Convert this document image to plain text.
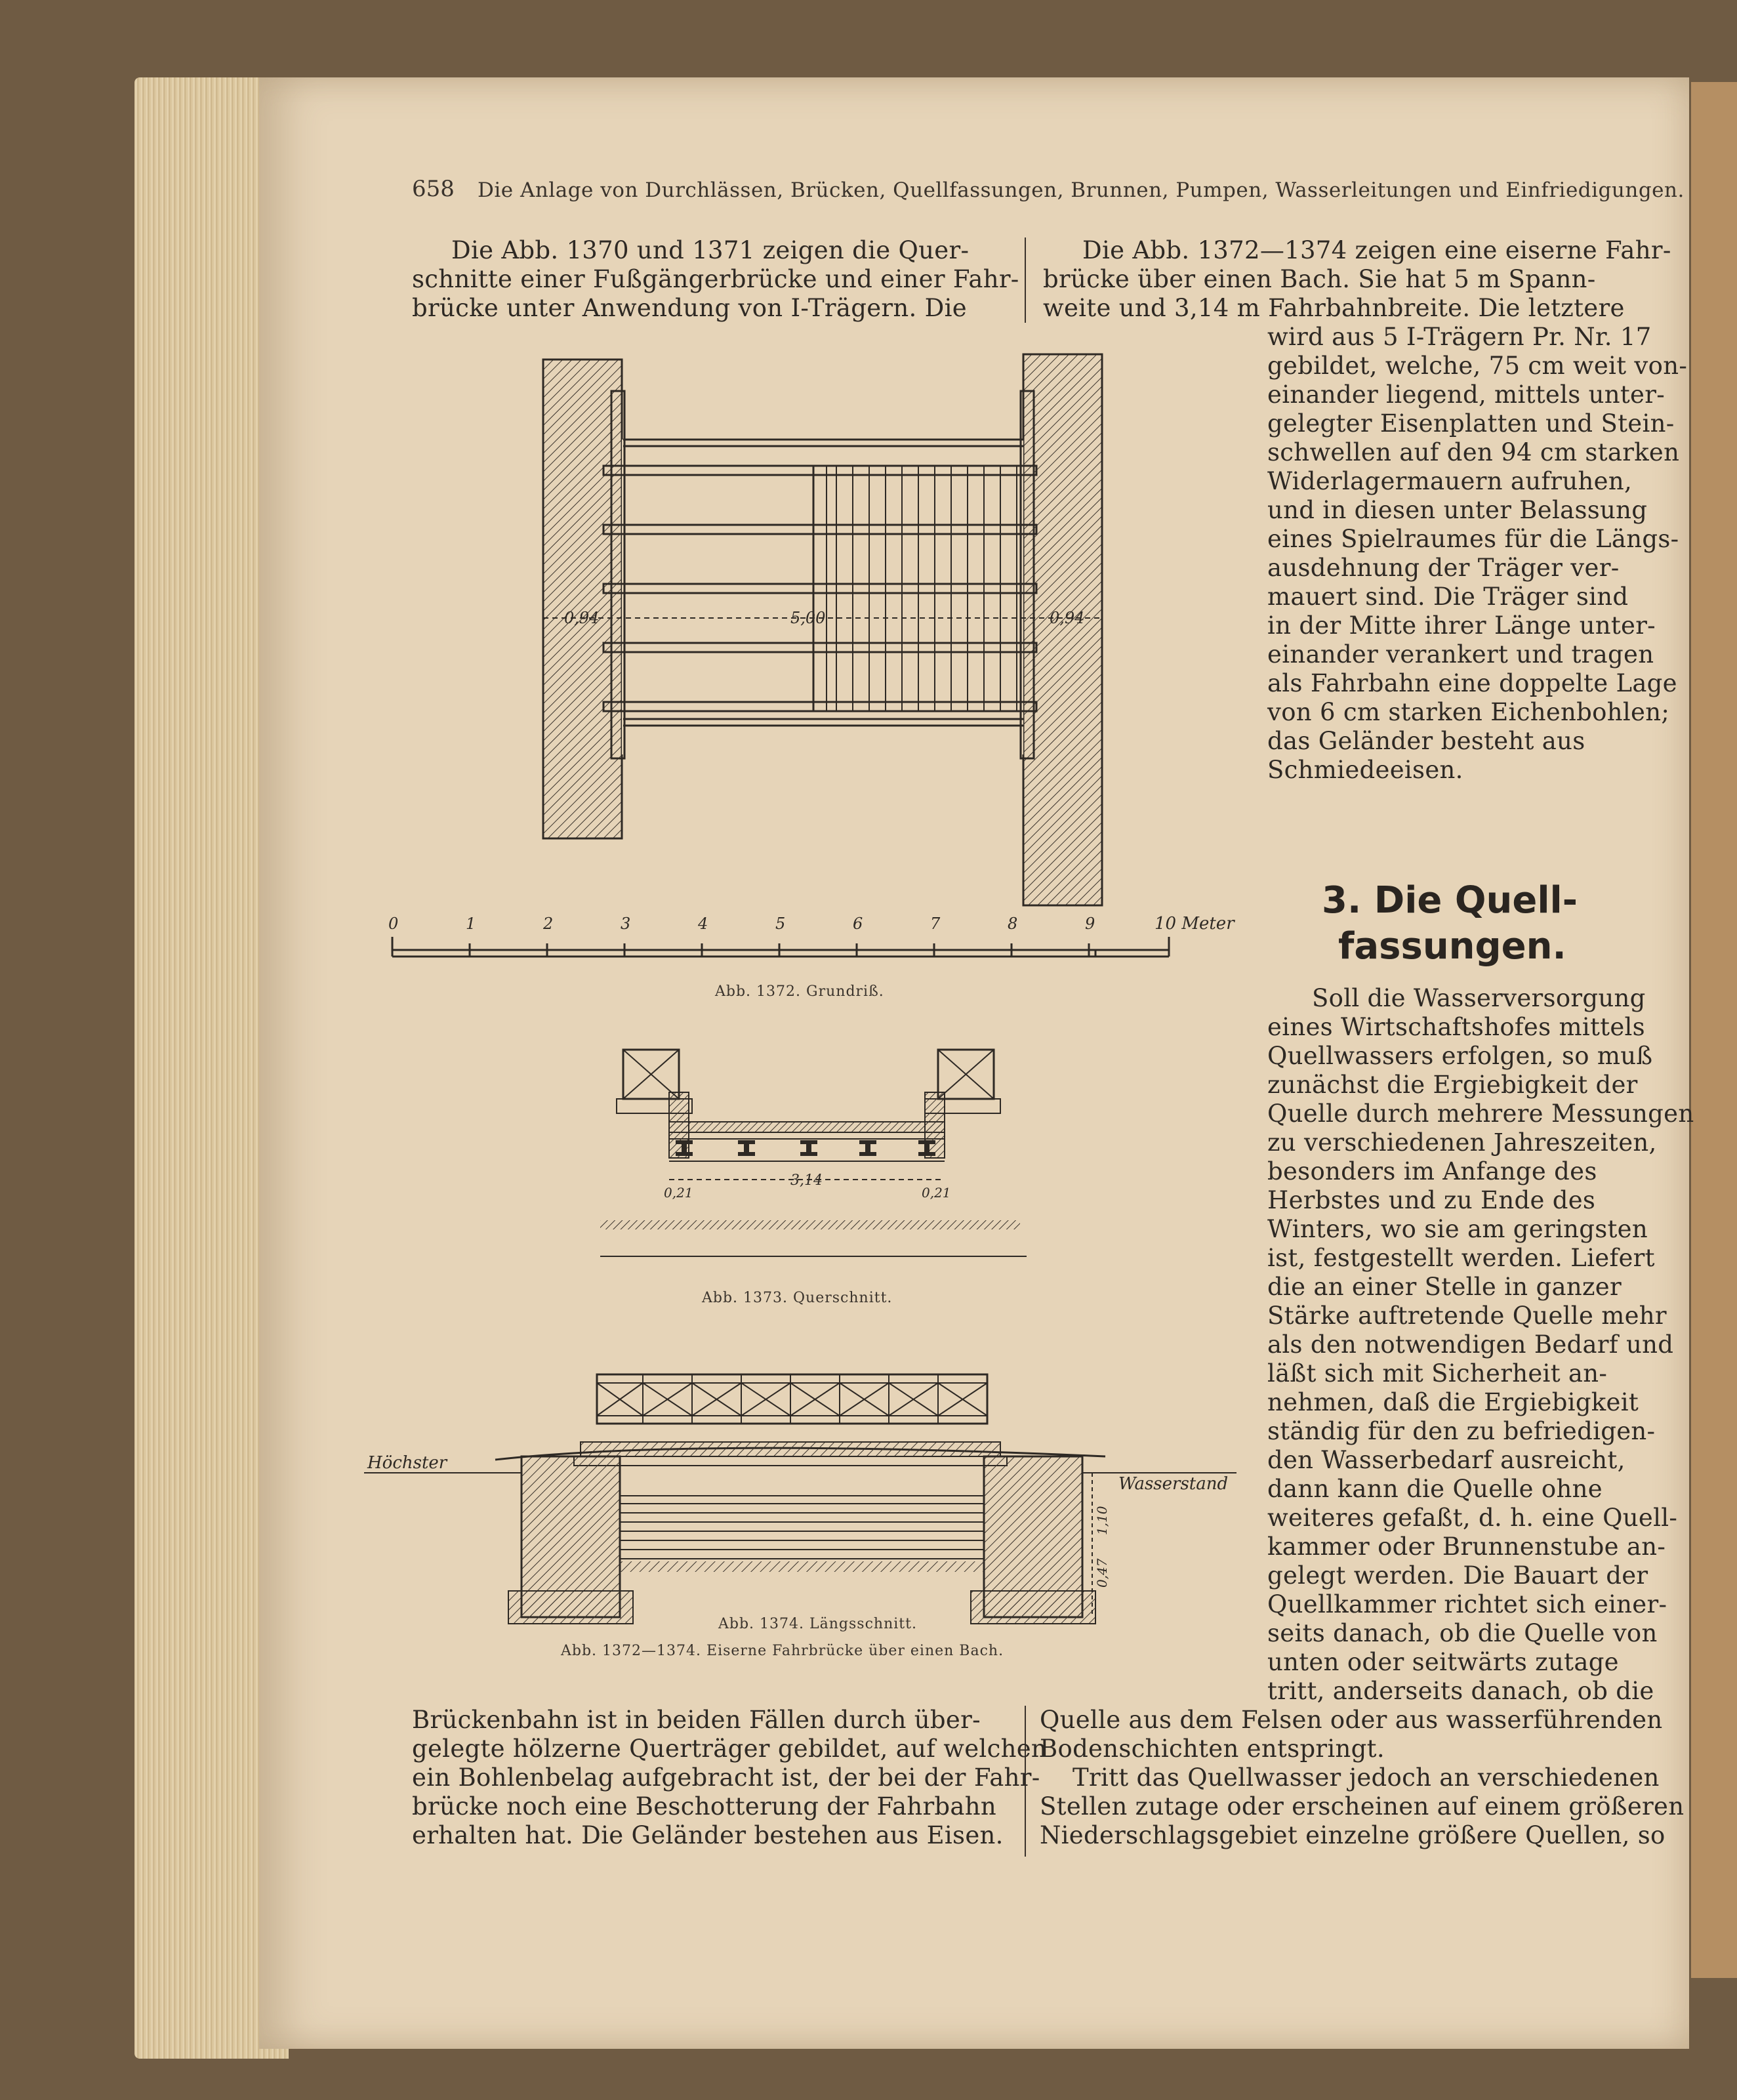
658 Die Anlage von Durchlässen, Brücken, Quellfassungen, Brunnen, Pumpen, Wasserleitungen und Einfriedigungen.
Die Abb. 1370 und 1371 zeigen die Quer-
schnitte einer Fußgängerbrücke und einer Fahr-
brücke unter Anwendung von I-Trägern. Die
Die Abb. 1372—1374 zeigen eine eiserne Fahr-
brücke über einen Bach. Sie hat 5 m Spann-
weite und 3,14 m Fahrbahnbreite. Die letztere
wird aus 5 I-Trägern Pr. Nr. 17
gebildet, welche, 75 cm weit von-
einander liegend, mittels unter-
gelegter Eisenplatten und Stein-
schwellen auf den 94 cm starken
Widerlagermauern aufruhen,
und in diesen unter Belassung
eines Spielraumes für die Längs-
ausdehnung der Träger ver-
mauert sind. Die Träger sind
in der Mitte ihrer Länge unter-
einander verankert und tragen
als Fahrbahn eine doppelte Lage
von 6 cm starken Eichenbohlen;
das Geländer besteht aus
Schmiedeeisen.
3. Die Quell-
fassungen.
Soll die Wasserversorgung
eines Wirtschaftshofes mittels
Quellwassers erfolgen, so muß
zunächst die Ergiebigkeit der
Quelle durch mehrere Messungen
zu verschiedenen Jahreszeiten,
besonders im Anfange des
Herbstes und zu Ende des
Winters, wo sie am geringsten
ist, festgestellt werden. Liefert
die an einer Stelle in ganzer
Stärke auftretende Quelle mehr
als den notwendigen Bedarf und
läßt sich mit Sicherheit an-
nehmen, daß die Ergiebigkeit
ständig für den zu befriedigen-
den Wasserbedarf ausreicht,
dann kann die Quelle ohne
weiteres gefaßt, d. h. eine Quell-
kammer oder Brunnenstube an-
gelegt werden. Die Bauart der
Quellkammer richtet sich einer-
seits danach, ob die Quelle von
unten oder seitwärts zutage
tritt, anderseits danach, ob die
Brückenbahn ist in beiden Fällen durch über-
gelegte hölzerne Querträger gebildet, auf welchen
ein Bohlenbelag aufgebracht ist, der bei der Fahr-
brücke noch eine Beschotterung der Fahrbahn
erhalten hat. Die Geländer bestehen aus Eisen.
Quelle aus dem Felsen oder aus wasserführenden
Bodenschichten entspringt.
Tritt das Quellwasser jedoch an verschiedenen
Stellen zutage oder erscheinen auf einem größeren
Niederschlagsgebiet einzelne größere Quellen, so
0,94	5,00	0,94
0	1	2	3	4	5	6	7	8	9	10 Meter
Abb. 1372. Grundriß.
0,21
3,14
0,21
Abb. 1373. Querschnitt.
Höchster
Wasserstand
1,10
0,47
Abb. 1374. Längsschnitt.
Abb. 1372—1374. Eiserne Fahrbrücke über einen Bach.
